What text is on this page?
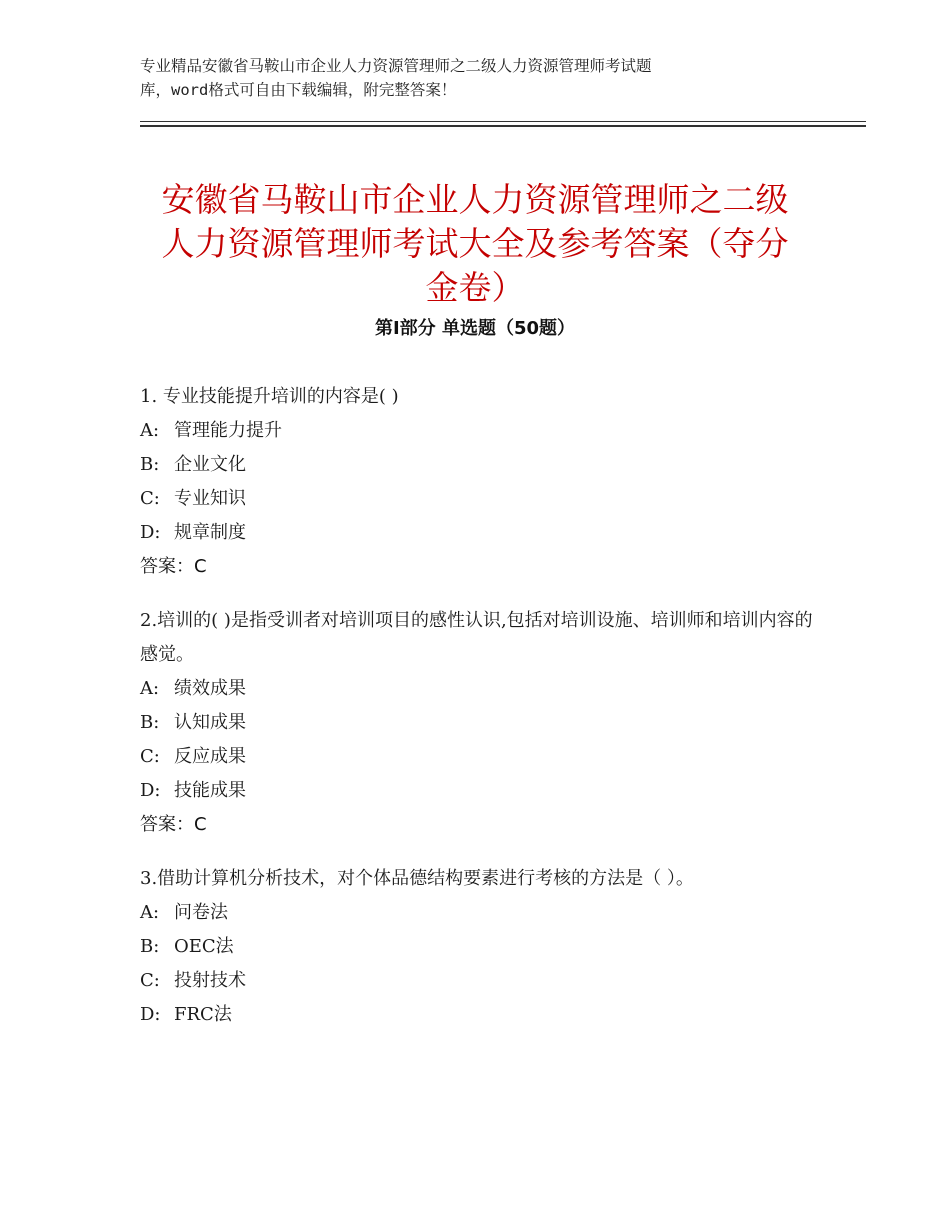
专业精品安徽省马鞍山市企业人力资源管理师之二级人力资源管理师考试题
库，word格式可自由下载编辑，附完整答案！
安徽省马鞍山市企业人力资源管理师之二级
人力资源管理师考试大全及参考答案（夺分
金卷）
第Ⅰ部分 单选题（50题）
1. 专业技能提升培训的内容是( )
A: 管理能力提升
B: 企业文化
C: 专业知识
D: 规章制度
答案：C
2.培训的( )是指受训者对培训项目的感性认识,包括对培训设施、培训师和培训内容的感觉。
A: 绩效成果
B: 认知成果
C: 反应成果
D: 技能成果
答案：C
3.借助计算机分析技术，对个体品德结构要素进行考核的方法是（ ）。
A: 问卷法
B: OEC法
C: 投射技术
D: FRC法
